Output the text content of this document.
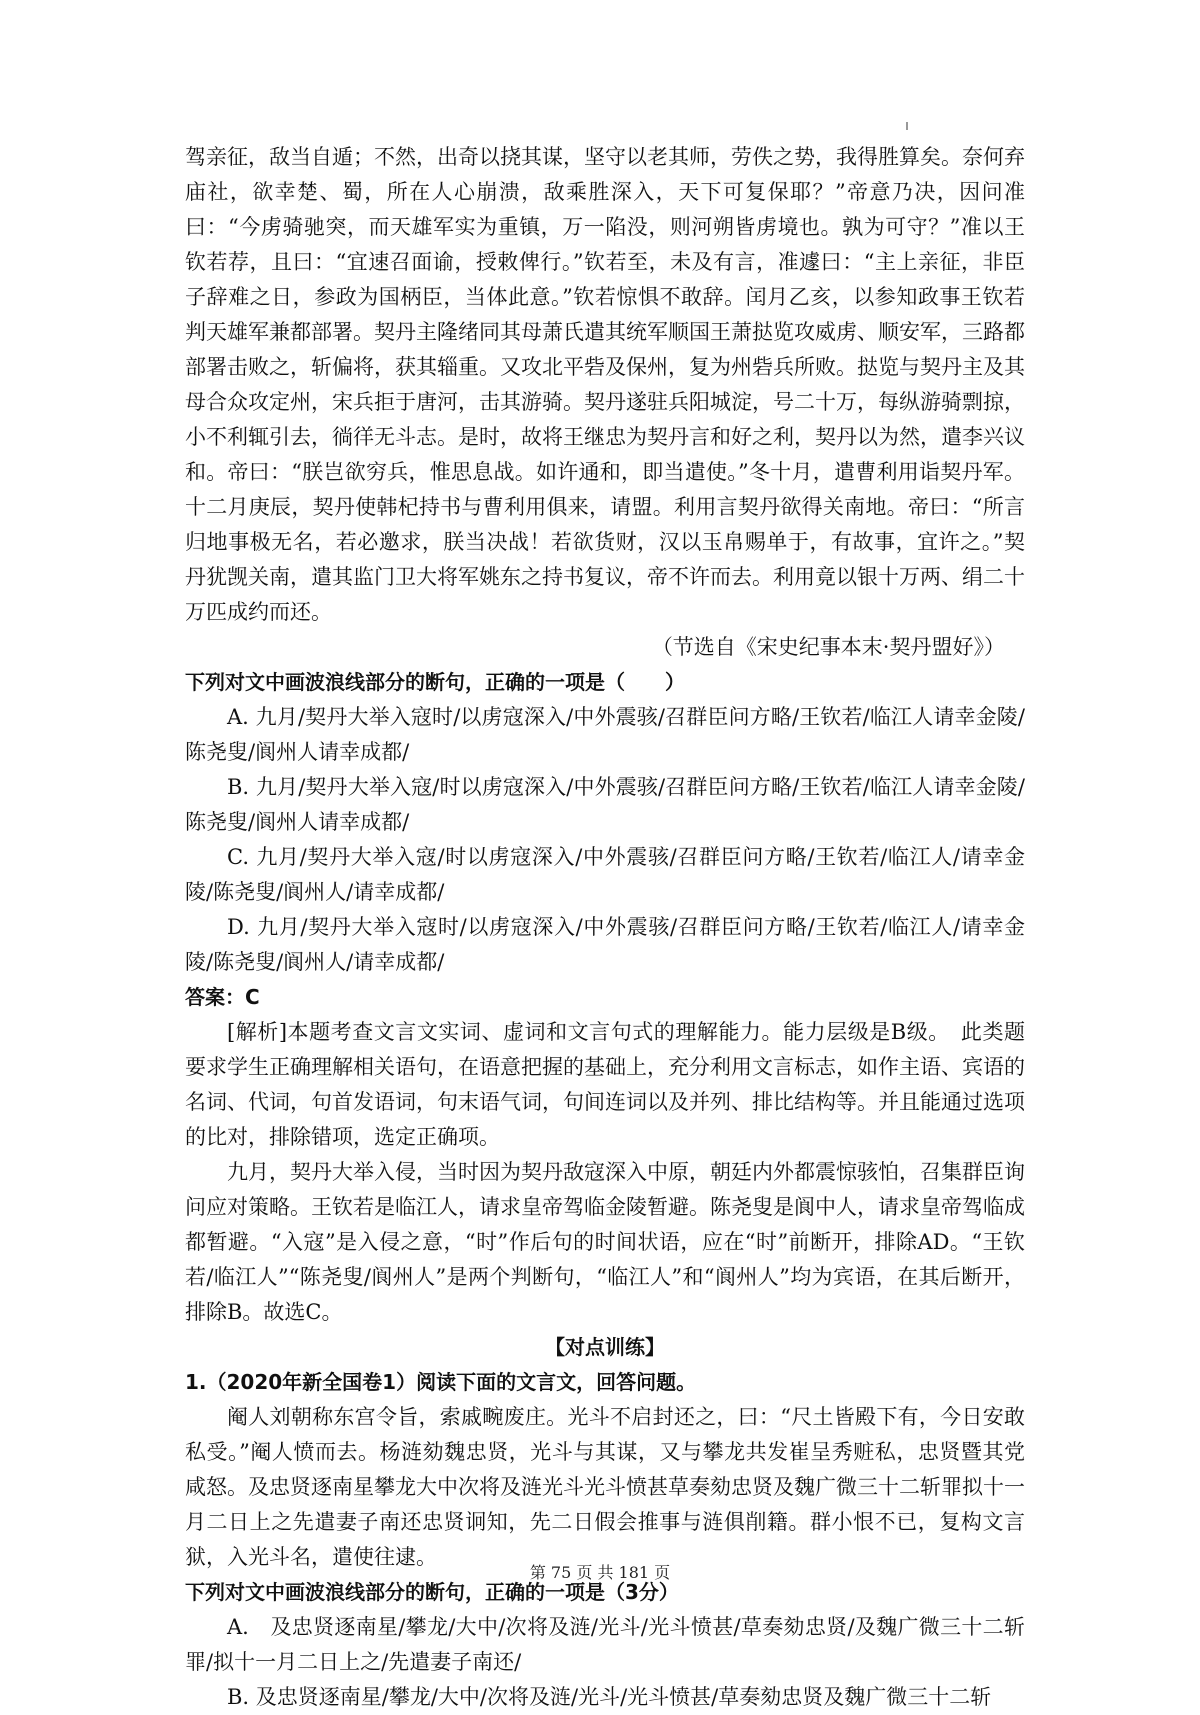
驾亲征，敌当自遁；不然，出奇以挠其谋，坚守以老其师，劳佚之势，我得胜算矣。奈何弃庙社，欲幸楚、蜀，所在人心崩溃，敌乘胜深入，天下可复保耶？”帝意乃决，因问准曰：“今虏骑驰突，而天雄军实为重镇，万一陷没，则河朔皆虏境也。孰为可守？”准以王钦若荐，且曰：“宜速召面谕，授敕俾行。”钦若至，未及有言，准遽曰：“主上亲征，非臣子辞难之日，参政为国柄臣，当体此意。”钦若惊惧不敢辞。闰月乙亥，以参知政事王钦若判天雄军兼都部署。契丹主隆绪同其母萧氏遣其统军顺国王萧挞览攻威虏、顺安军，三路都部署击败之，斩偏将，获其辎重。又攻北平砦及保州，复为州砦兵所败。挞览与契丹主及其母合众攻定州，宋兵拒于唐河，击其游骑。契丹遂驻兵阳城淀，号二十万，每纵游骑剽掠，小不利辄引去，徜徉无斗志。是时，故将王继忠为契丹言和好之利，契丹以为然，遣李兴议和。帝曰：“朕岂欲穷兵，惟思息战。如许通和，即当遣使。”冬十月，遣曹利用诣契丹军。十二月庚辰，契丹使韩杞持书与曹利用俱来，请盟。利用言契丹欲得关南地。帝曰：“所言归地事极无名，若必邀求，朕当决战！若欲货财，汉以玉帛赐单于，有故事，宜许之。”契丹犹觊关南，遣其监门卫大将军姚东之持书复议，帝不许而去。利用竟以银十万两、绢二十万匹成约而还。

（节选自《宋史纪事本末·契丹盟好》）

下列对文中画波浪线部分的断句，正确的一项是（　　）

A. 九月/契丹大举入寇时/以虏寇深入/中外震骇/召群臣问方略/王钦若/临江人请幸金陵/陈尧叟/阆州人请幸成都/

B. 九月/契丹大举入寇/时以虏寇深入/中外震骇/召群臣问方略/王钦若/临江人请幸金陵/陈尧叟/阆州人请幸成都/

C. 九月/契丹大举入寇/时以虏寇深入/中外震骇/召群臣问方略/王钦若/临江人/请幸金陵/陈尧叟/阆州人/请幸成都/

D. 九月/契丹大举入寇时/以虏寇深入/中外震骇/召群臣问方略/王钦若/临江人/请幸金陵/陈尧叟/阆州人/请幸成都/

答案：C

[解析]本题考查文言文实词、虚词和文言句式的理解能力。能力层级是B级。　此类题要求学生正确理解相关语句，在语意把握的基础上，充分利用文言标志，如作主语、宾语的名词、代词，句首发语词，句末语气词，句间连词以及并列、排比结构等。并且能通过选项的比对，排除错项，选定正确项。

九月，契丹大举入侵，当时因为契丹敌寇深入中原，朝廷内外都震惊骇怕，召集群臣询问应对策略。王钦若是临江人，请求皇帝驾临金陵暂避。陈尧叟是阆中人，请求皇帝驾临成都暂避。“入寇”是入侵之意，“时”作后句的时间状语，应在“时”前断开，排除AD。“王钦若/临江人”“陈尧叟/阆州人”是两个判断句，“临江人”和“阆州人”均为宾语，在其后断开，排除B。故选C。

【对点训练】

1.（2020年新全国卷1）阅读下面的文言文，回答问题。

阉人刘朝称东宫令旨，索戚畹废庄。光斗不启封还之，曰：“尺土皆殿下有，今日安敢私受。”阉人愤而去。杨涟劾魏忠贤，光斗与其谋，又与攀龙共发崔呈秀赃私，忠贤暨其党咸怒。及忠贤逐南星攀龙大中次将及涟光斗光斗愤甚草奏劾忠贤及魏广微三十二斩罪拟十一月二日上之先遣妻子南还忠贤诇知，先二日假会推事与涟俱削籍。群小恨不已，复构文言狱，入光斗名，遣使往逮。

下列对文中画波浪线部分的断句，正确的一项是（3分）

A.　及忠贤逐南星/攀龙/大中/次将及涟/光斗/光斗愤甚/草奏劾忠贤/及魏广微三十二斩罪/拟十一月二日上之/先遣妻子南还/

B. 及忠贤逐南星/攀龙/大中/次将及涟/光斗/光斗愤甚/草奏劾忠贤及魏广微三十二斩

第 75 页 共 181 页
